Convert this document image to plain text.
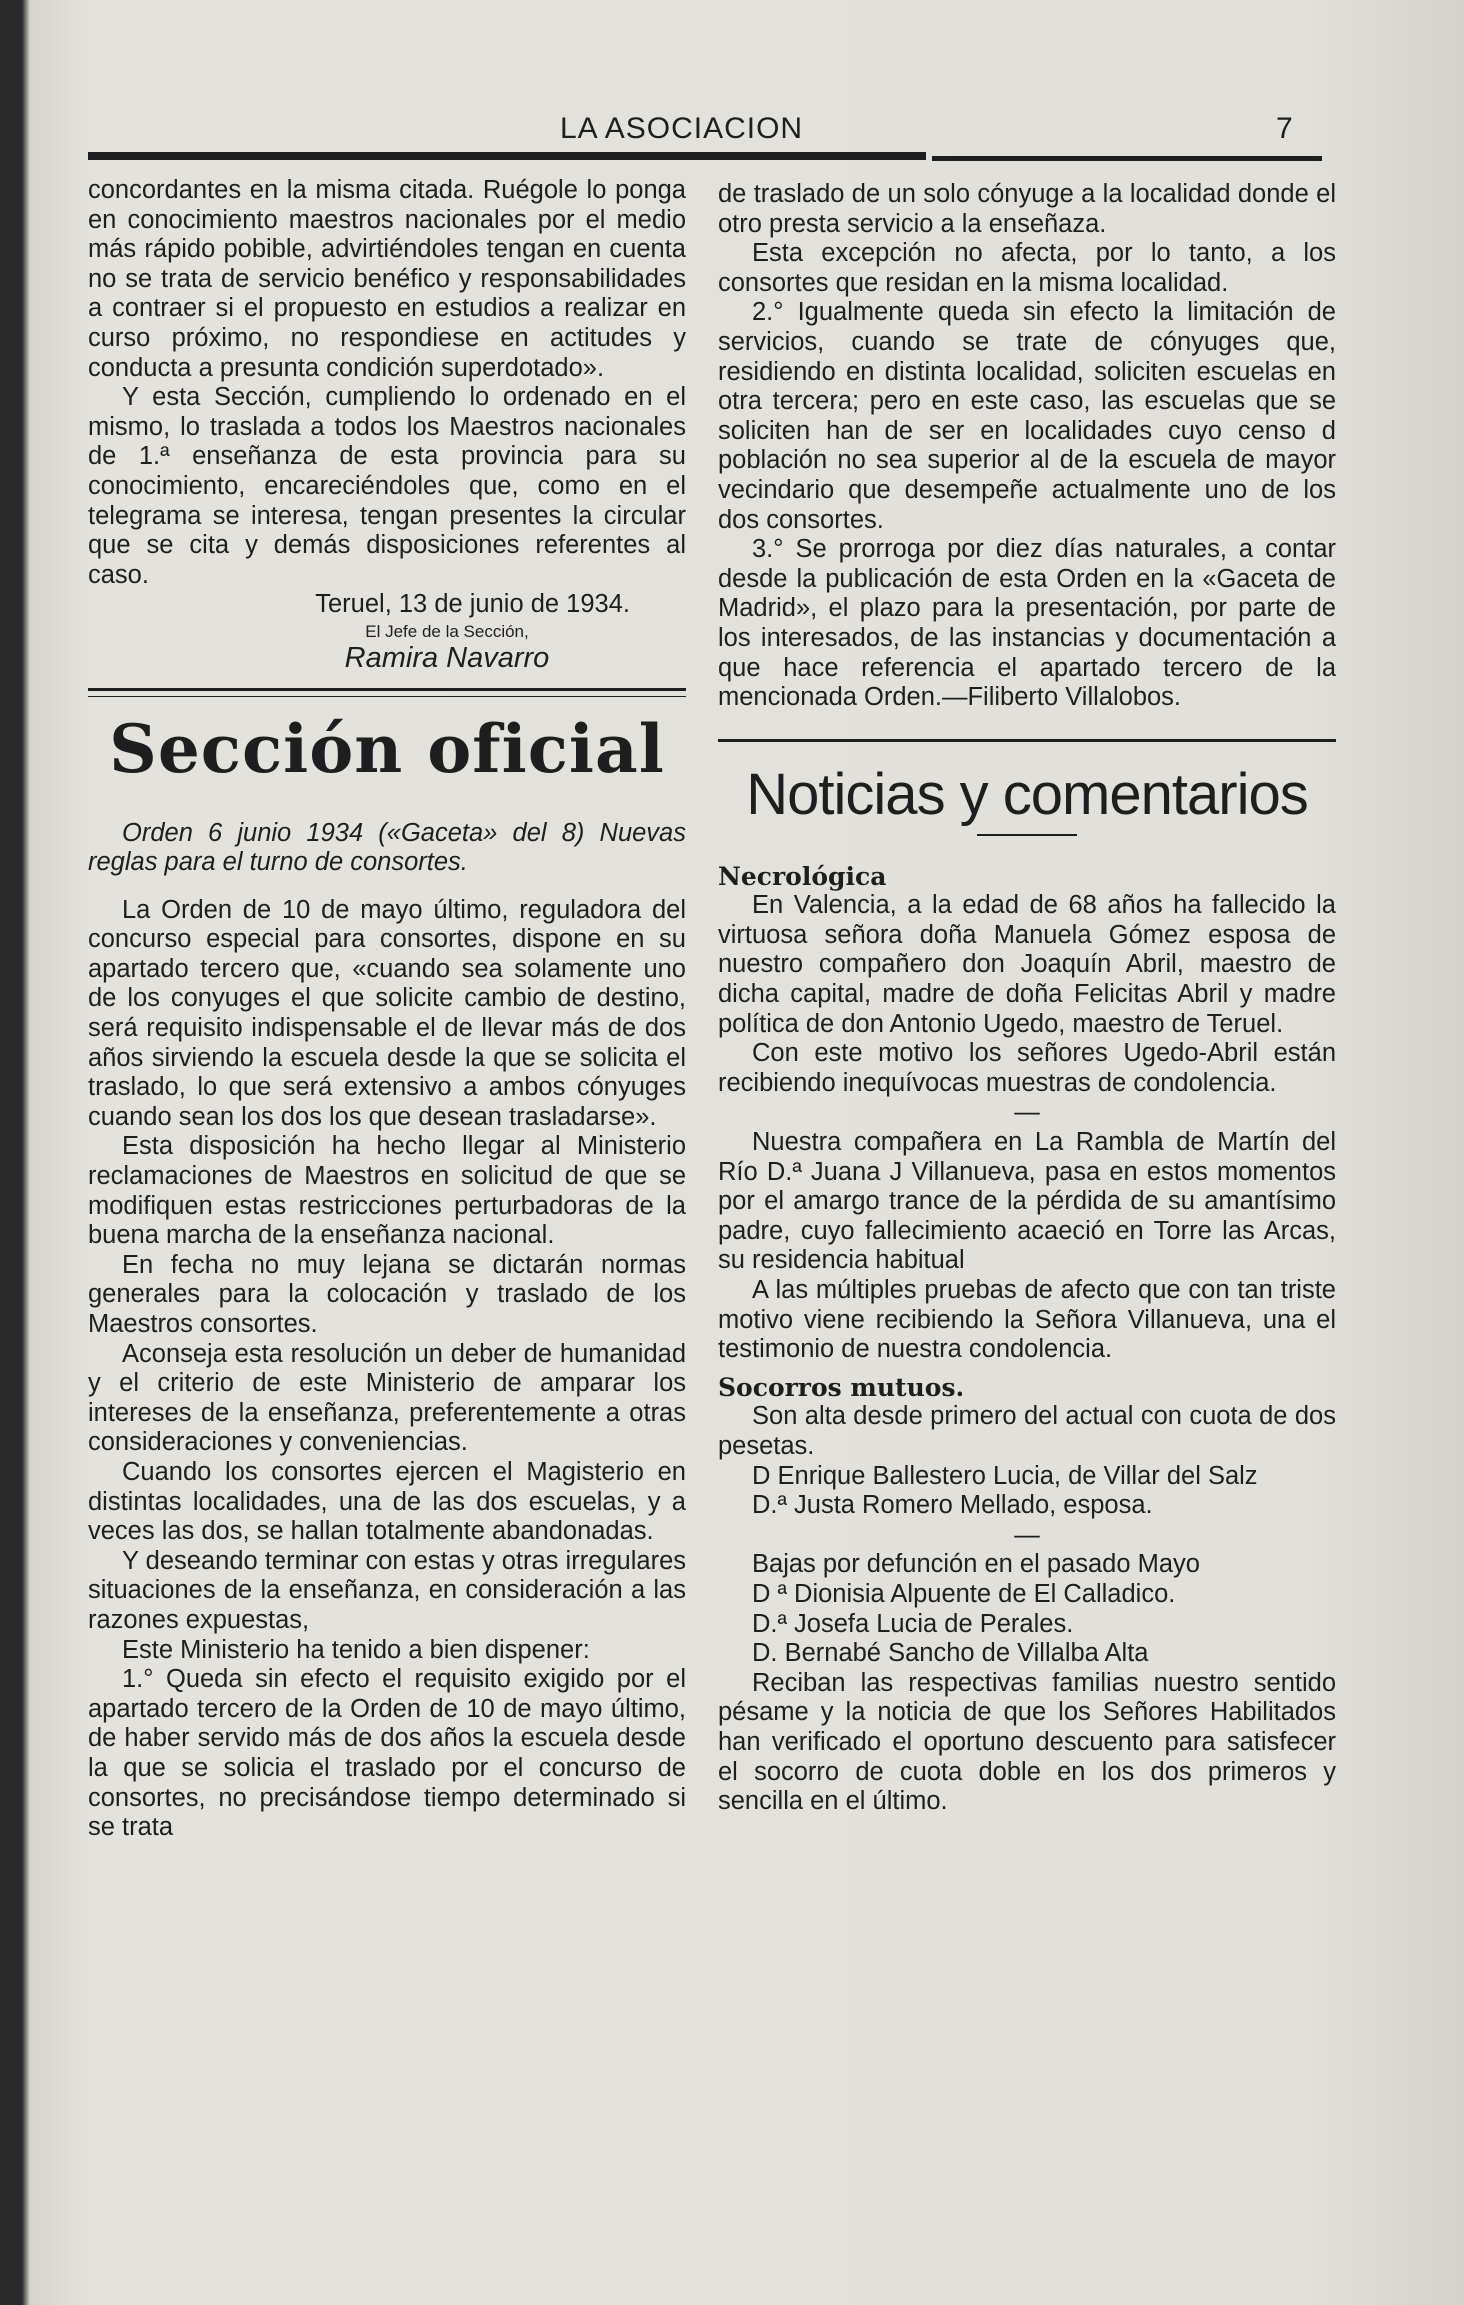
LA ASOCIACION	7

concordantes en la misma citada. Ruégole lo ponga en conocimiento maestros nacionales por el medio más rápido pobible, advirtiéndoles tengan en cuenta no se trata de servicio benéfico y responsabilidades a contraer si el propuesto en estudios a realizar en curso próximo, no respondiese en actitudes y conducta a presunta condición superdotado».

Y esta Sección, cumpliendo lo ordenado en el mismo, lo traslada a todos los Maestros nacionales de 1.ª enseñanza de esta provincia para su conocimiento, encareciéndoles que, como en el telegrama se interesa, tengan presentes la circular que se cita y demás disposiciones referentes al caso.

Teruel, 13 de junio de 1934.

El Jefe de la Sección,

Ramira Navarro

Sección oficial

Orden 6 junio 1934 («Gaceta» del 8) Nuevas reglas para el turno de consortes.

La Orden de 10 de mayo último, reguladora del concurso especial para consortes, dispone en su apartado tercero que, «cuando sea solamente uno de los conyuges el que solicite cambio de destino, será requisito indispensable el de llevar más de dos años sirviendo la escuela desde la que se solicita el traslado, lo que será extensivo a ambos cónyuges cuando sean los dos los que desean trasladarse».

Esta disposición ha hecho llegar al Ministerio reclamaciones de Maestros en solicitud de que se modifiquen estas restricciones perturbadoras de la buena marcha de la enseñanza nacional.

En fecha no muy lejana se dictarán normas generales para la colocación y traslado de los Maestros consortes.

Aconseja esta resolución un deber de humanidad y el criterio de este Ministerio de amparar los intereses de la enseñanza, preferentemente a otras consideraciones y conveniencias.

Cuando los consortes ejercen el Magisterio en distintas localidades, una de las dos escuelas, y a veces las dos, se hallan totalmente abandonadas.

Y deseando terminar con estas y otras irregulares situaciones de la enseñanza, en consideración a las razones expuestas,

Este Ministerio ha tenido a bien dispener:

1.° Queda sin efecto el requisito exigido por el apartado tercero de la Orden de 10 de mayo último, de haber servido más de dos años la escuela desde la que se solicia el traslado por el concurso de consortes, no precisándose tiempo determinado si se trata

de traslado de un solo cónyuge a la localidad donde el otro presta servicio a la enseñaza.

Esta excepción no afecta, por lo tanto, a los consortes que residan en la misma localidad.

2.° Igualmente queda sin efecto la limitación de servicios, cuando se trate de cónyuges que, residiendo en distinta localidad, soliciten escuelas en otra tercera; pero en este caso, las escuelas que se soliciten han de ser en localidades cuyo censo d población no sea superior al de la escuela de mayor vecindario que desempeñe actualmente uno de los dos consortes.

3.° Se prorroga por diez días naturales, a contar desde la publicación de esta Orden en la «Gaceta de Madrid», el plazo para la presentación, por parte de los interesados, de las instancias y documentación a que hace referencia el apartado tercero de la mencionada Orden.—Filiberto Villalobos.

Noticias y comentarios

Necrológica

En Valencia, a la edad de 68 años ha fallecido la virtuosa señora doña Manuela Gómez esposa de nuestro compañero don Joaquín Abril, maestro de dicha capital, madre de doña Felicitas Abril y madre política de don Antonio Ugedo, maestro de Teruel.

Con este motivo los señores Ugedo-Abril están recibiendo inequívocas muestras de condolencia.

—

Nuestra compañera en La Rambla de Martín del Río D.ª Juana J Villanueva, pasa en estos momentos por el amargo trance de la pérdida de su amantísimo padre, cuyo fallecimiento acaeció en Torre las Arcas, su residencia habitual

A las múltiples pruebas de afecto que con tan triste motivo viene recibiendo la Señora Villanueva, una el testimonio de nuestra condolencia.

Socorros mutuos.

Son alta desde primero del actual con cuota de dos pesetas.

D Enrique Ballestero Lucia, de Villar del Salz

D.ª Justa Romero Mellado, esposa.

—

Bajas por defunción en el pasado Mayo

D ª Dionisia Alpuente de El Calladico.

D.ª Josefa Lucia de Perales.

D. Bernabé Sancho de Villalba Alta

Reciban las respectivas familias nuestro sentido pésame y la noticia de que los Señores Habilitados han verificado el oportuno descuento para satisfecer el socorro de cuota doble en los dos primeros y sencilla en el último.
